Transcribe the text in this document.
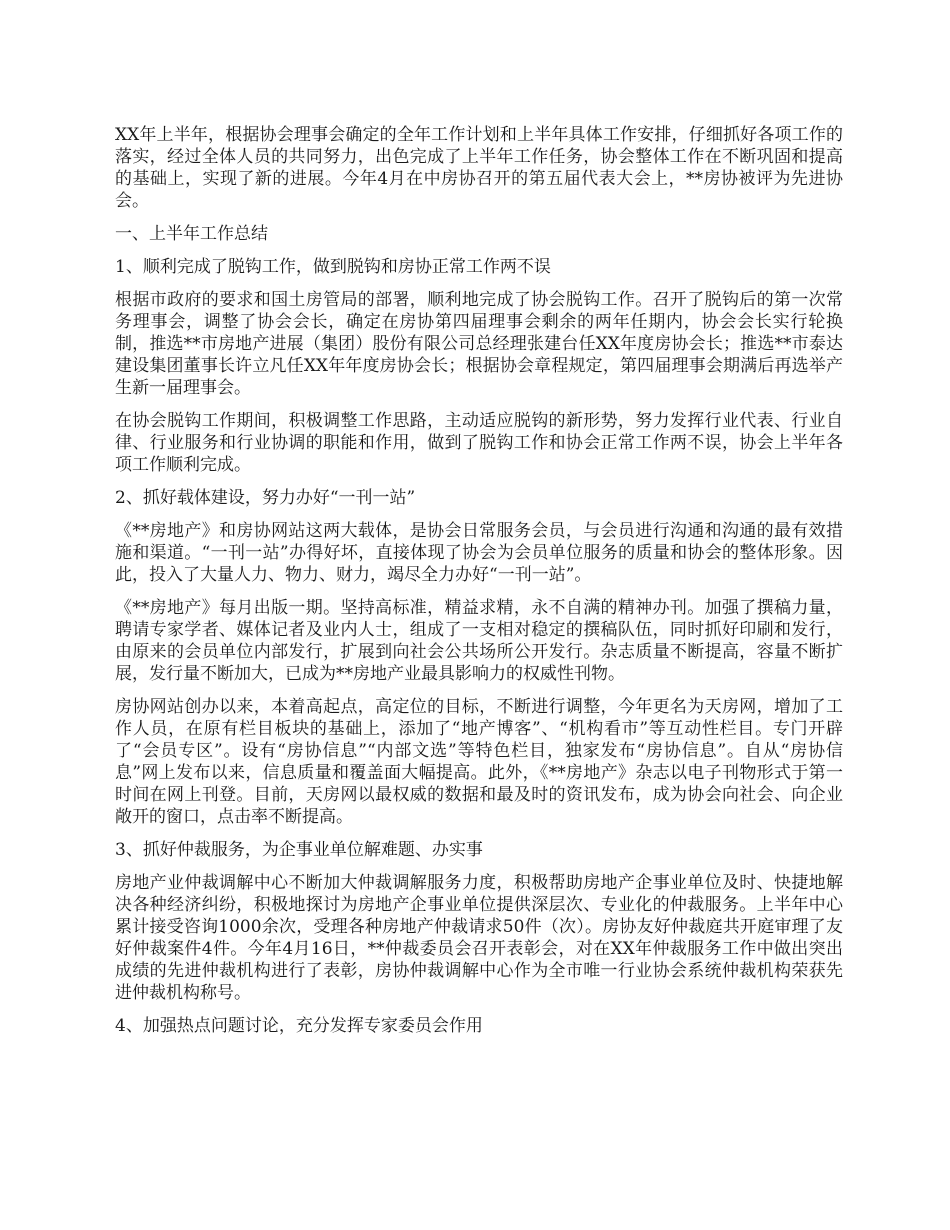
XX年上半年，根据协会理事会确定的全年工作计划和上半年具体工作安排，仔细抓好各项工作的落实，经过全体人员的共同努力，出色完成了上半年工作任务，协会整体工作在不断巩固和提高的基础上，实现了新的进展。今年4月在中房协召开的第五届代表大会上，**房协被评为先进协会。

一、上半年工作总结

1、顺利完成了脱钩工作，做到脱钩和房协正常工作两不误

根据市政府的要求和国土房管局的部署，顺利地完成了协会脱钩工作。召开了脱钩后的第一次常务理事会，调整了协会会长，确定在房协第四届理事会剩余的两年任期内，协会会长实行轮换制，推选**市房地产进展（集团）股份有限公司总经理张建台任XX年度房协会长；推选**市泰达建设集团董事长许立凡任XX年年度房协会长；根据协会章程规定，第四届理事会期满后再选举产生新一届理事会。

在协会脱钩工作期间，积极调整工作思路，主动适应脱钩的新形势，努力发挥行业代表、行业自律、行业服务和行业协调的职能和作用，做到了脱钩工作和协会正常工作两不误，协会上半年各项工作顺利完成。

2、抓好载体建设，努力办好“一刊一站”

《**房地产》和房协网站这两大载体，是协会日常服务会员，与会员进行沟通和沟通的最有效措施和渠道。“一刊一站”办得好坏，直接体现了协会为会员单位服务的质量和协会的整体形象。因此，投入了大量人力、物力、财力，竭尽全力办好“一刊一站”。

《**房地产》每月出版一期。坚持高标准，精益求精，永不自满的精神办刊。加强了撰稿力量，聘请专家学者、媒体记者及业内人士，组成了一支相对稳定的撰稿队伍，同时抓好印刷和发行，由原来的会员单位内部发行，扩展到向社会公共场所公开发行。杂志质量不断提高，容量不断扩展，发行量不断加大，已成为**房地产业最具影响力的权威性刊物。

房协网站创办以来，本着高起点，高定位的目标，不断进行调整，今年更名为天房网，增加了工作人员，在原有栏目板块的基础上，添加了“地产博客”、“机构看市”等互动性栏目。专门开辟了“会员专区”。设有“房协信息”“内部文选”等特色栏目，独家发布“房协信息”。自从“房协信息”网上发布以来，信息质量和覆盖面大幅提高。此外，《**房地产》杂志以电子刊物形式于第一时间在网上刊登。目前，天房网以最权威的数据和最及时的资讯发布，成为协会向社会、向企业敞开的窗口，点击率不断提高。

3、抓好仲裁服务，为企事业单位解难题、办实事

房地产业仲裁调解中心不断加大仲裁调解服务力度，积极帮助房地产企事业单位及时、快捷地解决各种经济纠纷，积极地探讨为房地产企事业单位提供深层次、专业化的仲裁服务。上半年中心累计接受咨询1000余次，受理各种房地产仲裁请求50件（次）。房协友好仲裁庭共开庭审理了友好仲裁案件4件。今年4月16日，**仲裁委员会召开表彰会，对在XX年仲裁服务工作中做出突出成绩的先进仲裁机构进行了表彰，房协仲裁调解中心作为全市唯一行业协会系统仲裁机构荣获先进仲裁机构称号。

4、加强热点问题讨论，充分发挥专家委员会作用
